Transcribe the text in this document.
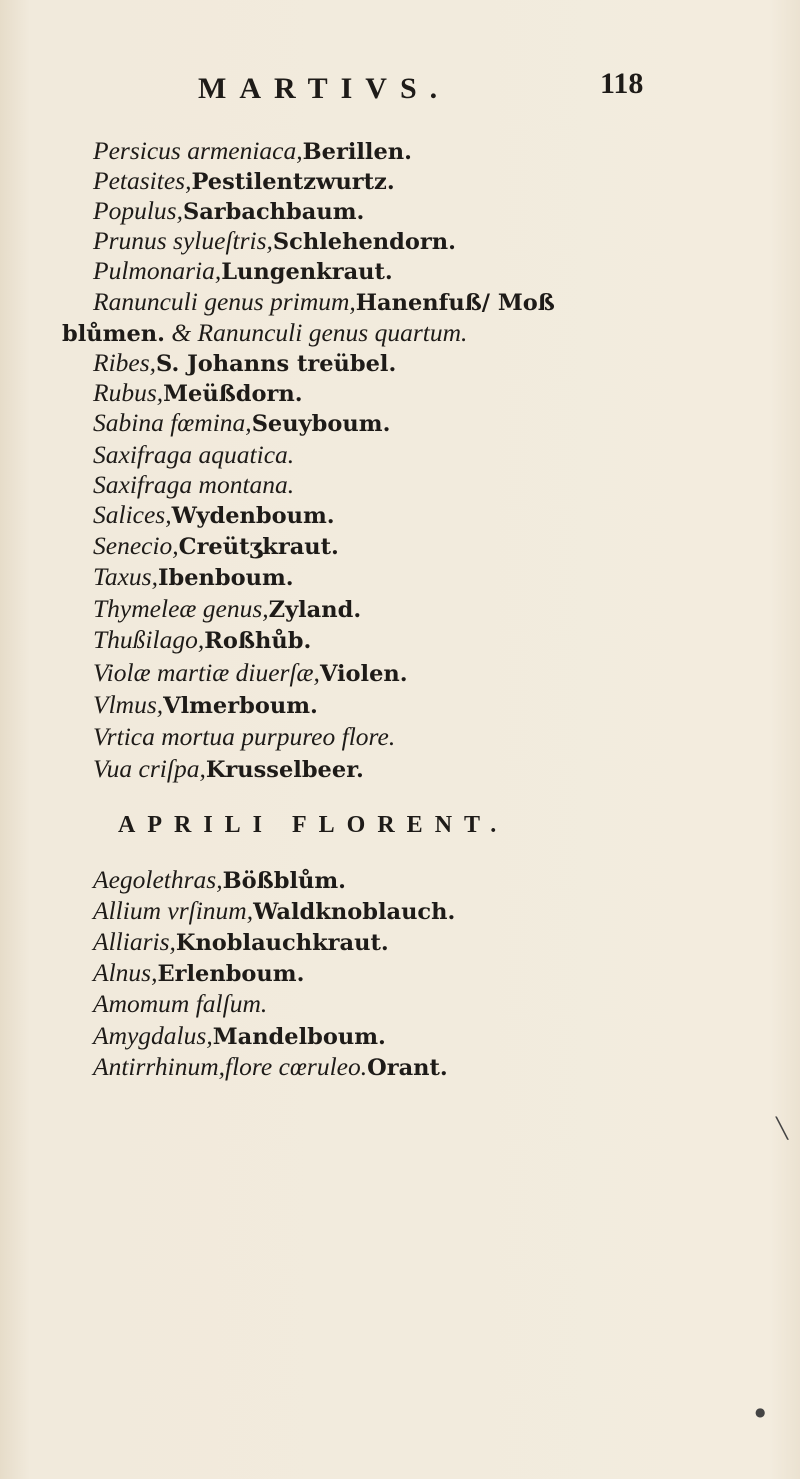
MARTIVS.	118
Persicus armeniaca,Berillen.
Petasites,Pestilentzwurtz.
Populus,Sarbachbaum.
Prunus sylueſtris,Schlehendorn.
Pulmonaria,Lungenkraut.
Ranunculi genus primum,Hanenfuß/ Moß
blůmen. & Ranunculi genus quartum.
Ribes,S. Johanns treübel.
Rubus,Meüßdorn.
Sabina fœmina,Seuyboum.
Saxifraga aquatica.
Saxifraga montana.
Salices,Wydenboum.
Senecio,Creütʒkraut.
Taxus,Ibenboum.
Thymeleæ genus,Zyland.
Thußilago,Roßhůb.
Violæ martiæ diuerſæ,Violen.
Vlmus,Vlmerboum.
Vrtica mortua purpureo flore.
Vua criſpa,Krusselbeer.
APRILI FLORENT.
Aegolethras,Bößblům.
Allium vrſinum,Waldknoblauch.
Alliaris,Knoblauchkraut.
Alnus,Erlenboum.
Amomum falſum.
Amygdalus,Mandelboum.
Antirrhinum,flore cœruleo.Orant.
╲
●
